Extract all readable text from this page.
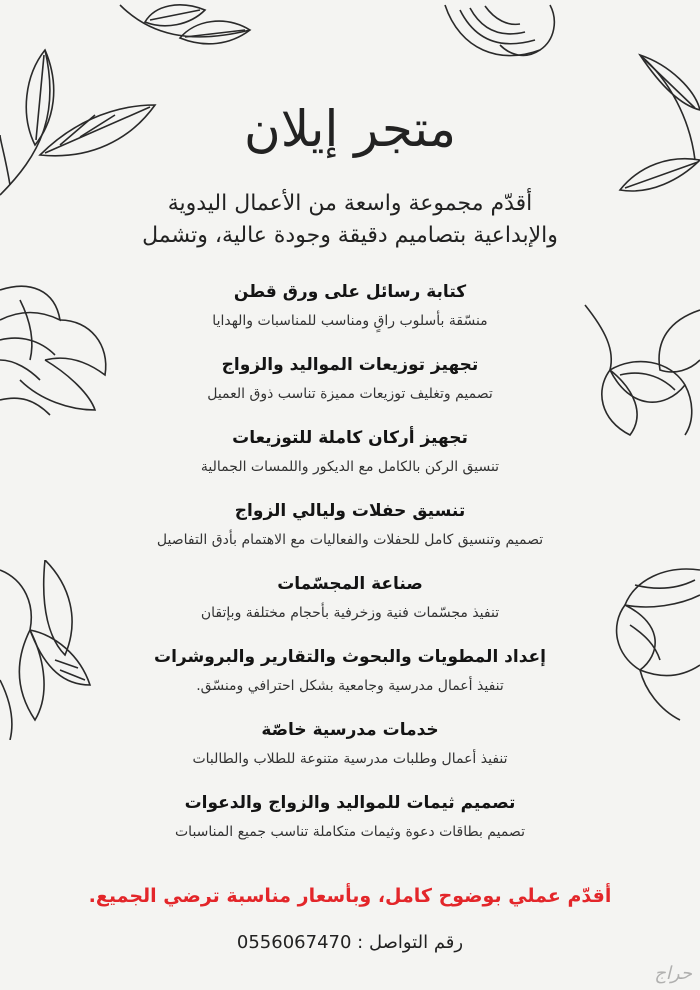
متجر إيلان
أقدّم مجموعة واسعة من الأعمال اليدوية
والإبداعية بتصاميم دقيقة وجودة عالية، وتشمل
كتابة رسائل على ورق قطن
منسّقة بأسلوب راقٍ ومناسب للمناسبات والهدايا
تجهيز توزيعات المواليد والزواج
تصميم وتغليف توزيعات مميزة تناسب ذوق العميل
تجهيز أركان كاملة للتوزيعات
تنسيق الركن بالكامل مع الديكور واللمسات الجمالية
تنسيق حفلات وليالي الزواج
تصميم وتنسيق كامل للحفلات والفعاليات مع الاهتمام بأدق التفاصيل
صناعة المجسّمات
تنفيذ مجسّمات فنية وزخرفية بأحجام مختلفة وبإتقان
إعداد المطويات والبحوث والتقارير والبروشرات
تنفيذ أعمال مدرسية وجامعية بشكل احترافي ومنسّق.
خدمات مدرسية خاصّة
تنفيذ أعمال وطلبات مدرسية متنوعة للطلاب والطالبات
تصميم ثيمات للمواليد والزواج والدعوات
تصميم بطاقات دعوة وثيمات متكاملة تناسب جميع المناسبات
أقدّم عملي بوضوح كامل، وبأسعار مناسبة ترضي الجميع.
رقم التواصل : 0556067470
حراج
